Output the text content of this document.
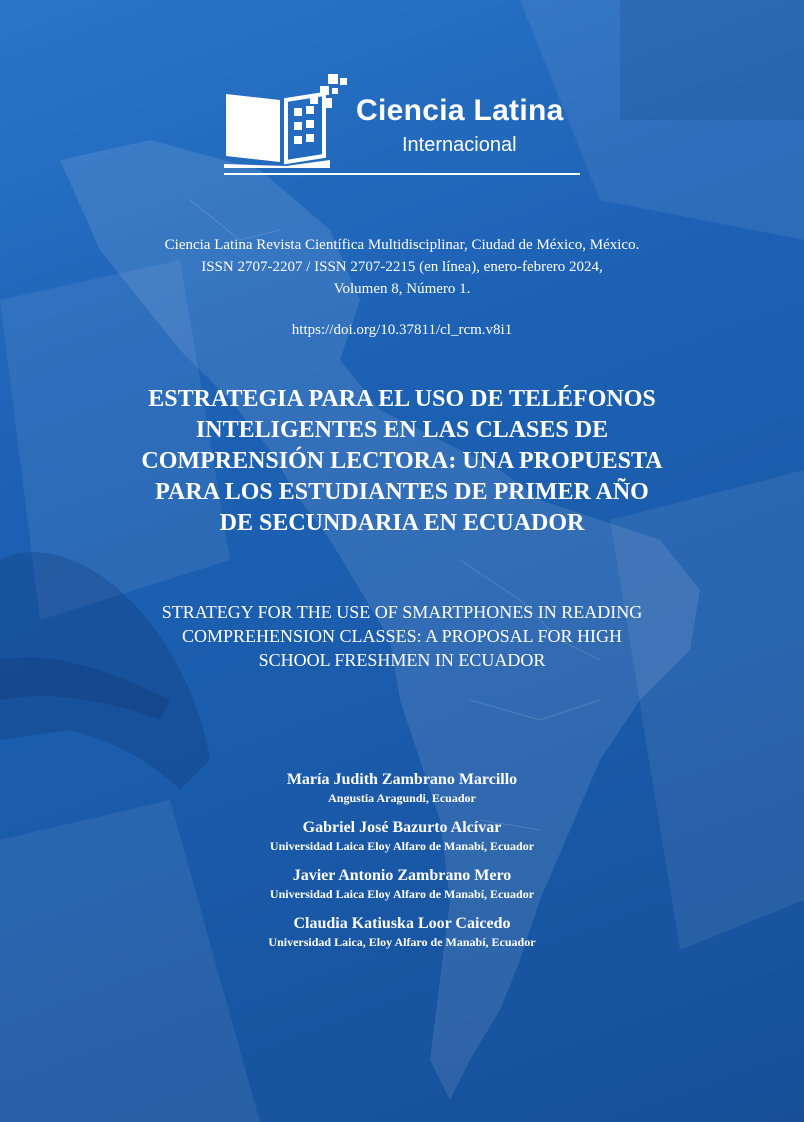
Ciencia Latina
Internacional
Ciencia Latina Revista Científica Multidisciplinar, Ciudad de México, México.
ISSN 2707-2207 / ISSN 2707-2215 (en línea), enero-febrero 2024,
Volumen 8, Número 1.
https://doi.org/10.37811/cl_rcm.v8i1
ESTRATEGIA PARA EL USO DE TELÉFONOS
INTELIGENTES EN LAS CLASES DE
COMPRENSIÓN LECTORA: UNA PROPUESTA
PARA LOS ESTUDIANTES DE PRIMER AÑO
DE SECUNDARIA EN ECUADOR
STRATEGY FOR THE USE OF SMARTPHONES IN READING
COMPREHENSION CLASSES: A PROPOSAL FOR HIGH
SCHOOL FRESHMEN IN ECUADOR
María Judith Zambrano Marcillo
Angustia Aragundi, Ecuador
Gabriel José Bazurto Alcívar
Universidad Laica Eloy Alfaro de Manabí, Ecuador
Javier Antonio Zambrano Mero
Universidad Laica Eloy Alfaro de Manabí, Ecuador
Claudia Katiuska Loor Caicedo
Universidad Laica, Eloy Alfaro de Manabí, Ecuador
